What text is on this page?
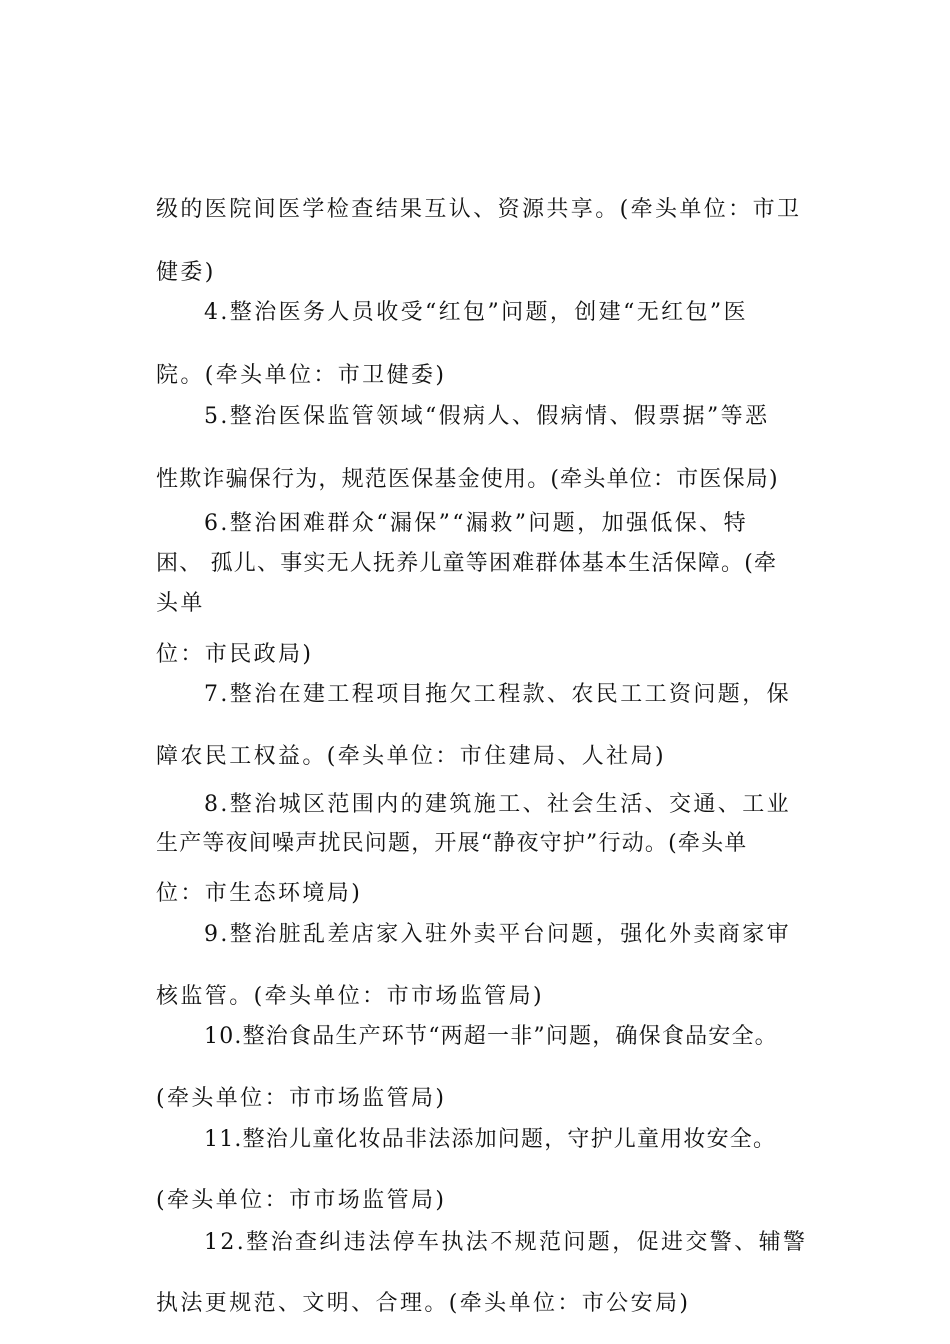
级的医院间医学检查结果互认、资源共享。(牵头单位：市卫
健委)
4.整治医务人员收受“红包”问题，创建“无红包”医
院。(牵头单位：市卫健委)
5.整治医保监管领域“假病人、假病情、假票据”等恶
性欺诈骗保行为，规范医保基金使用。(牵头单位：市医保局)
6.整治困难群众“漏保”“漏救”问题，加强低保、特
困、 孤儿、事实无人抚养儿童等困难群体基本生活保障。(牵
头单
位：市民政局)
7.整治在建工程项目拖欠工程款、农民工工资问题，保
障农民工权益。(牵头单位：市住建局、人社局)
8.整治城区范围内的建筑施工、社会生活、交通、工业
生产等夜间噪声扰民问题，开展“静夜守护”行动。(牵头单
位：市生态环境局)
9.整治脏乱差店家入驻外卖平台问题，强化外卖商家审
核监管。(牵头单位：市市场监管局)
10.整治食品生产环节“两超一非”问题，确保食品安全。
(牵头单位：市市场监管局)
11.整治儿童化妆品非法添加问题，守护儿童用妆安全。
(牵头单位：市市场监管局)
12.整治查纠违法停车执法不规范问题，促进交警、辅警
执法更规范、文明、合理。(牵头单位：市公安局)
